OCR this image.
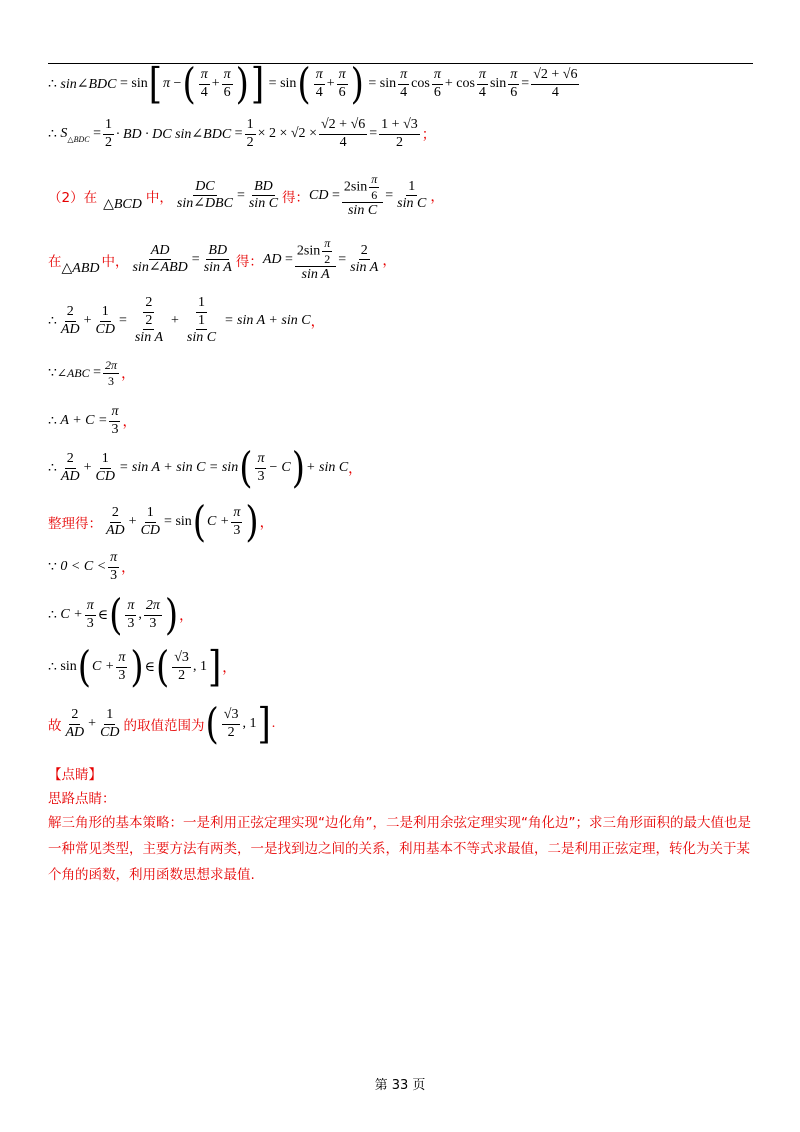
∴
sin∠BDC = sin [ π − ( $\frac{\pi}{4} + \frac{\pi}{6}$ ) ] = sin ( $\frac{\pi}{4} + \frac{\pi}{6}$ ) = $\sin \frac{\pi}{4}$ $\cos \frac{\pi}{6} + \cos \frac{\pi}{4}$ $\sin \frac{\pi}{6} = \frac{√2 + √6}{4}$
∴
S △BDC = $\frac{1}{2}$ · BD · DC sin∠BDC = $\frac{1}{2} \times 2 \times √2 \times \frac{√2 + √6}{4} = \frac{1 + √3}{2}$ ；
（2）在 △BCD 中， $\frac{DC}{\text{sin∠DBC}} = \frac{BD}{\text{sin C}}$ 得： CD = $\frac{2\sin \frac{\pi}{6}}{\text{sin C}} = \frac{1}{\text{sin C}}$ ，
在 △ABD 中， $\frac{AD}{\text{sin∠ABD}} = \frac{BD}{\text{sin A}}$ 得： AD = $\frac{2\sin \frac{\pi}{2}}{\text{sin A}} = \frac{2}{\text{sin A}}$ ，
∴ $\frac{2}{AD} + \frac{1}{CD} = \frac{2}{\frac{2}{\text{sin A}}} + \frac{1}{\frac{1}{\text{sin C}}} = \sin A + \sin C$ ，
∵ ∠ABC = $\frac{2\pi}{3}$ ，
∴
$A + C = \frac{\pi}{3}$ ，
∴ $\frac{2}{AD} + \frac{1}{CD} = \sin A + \sin C = \sin$ ( $\frac{\pi}{3} - C$ ) + sin C ，
整理得： $\frac{2}{AD} + \frac{1}{CD} = \sin$ ( $C + \frac{\pi}{3}$ ) ，
∵
$0 < C < \frac{\pi}{3}$ ，
∴
$C + \frac{\pi}{3}$ ∈ ( $\frac{\pi}{3}$ , $\frac{2\pi}{3}$ ) ，
∴
sin ( $C + \frac{\pi}{3}$ ) ∈ ( $\frac{√3}{2}$ , 1 ] ，
故 $\frac{2}{AD} + \frac{1}{CD}$ 的取值范围为 ( $\frac{√3}{2}$ , 1 ] .
【点睛】
思路点睛：
解三角形的基本策略：一是利用正弦定理实现“边化角”，二是利用余弦定理实现“角化边”；求三角形面积的最大值也是一种常见类型，主要方法有两类，一是找到边之间的关系，利用基本不等式求最值，二是利用正弦定理，转化为关于某个角的函数，利用函数思想求最值.
第 33 页
